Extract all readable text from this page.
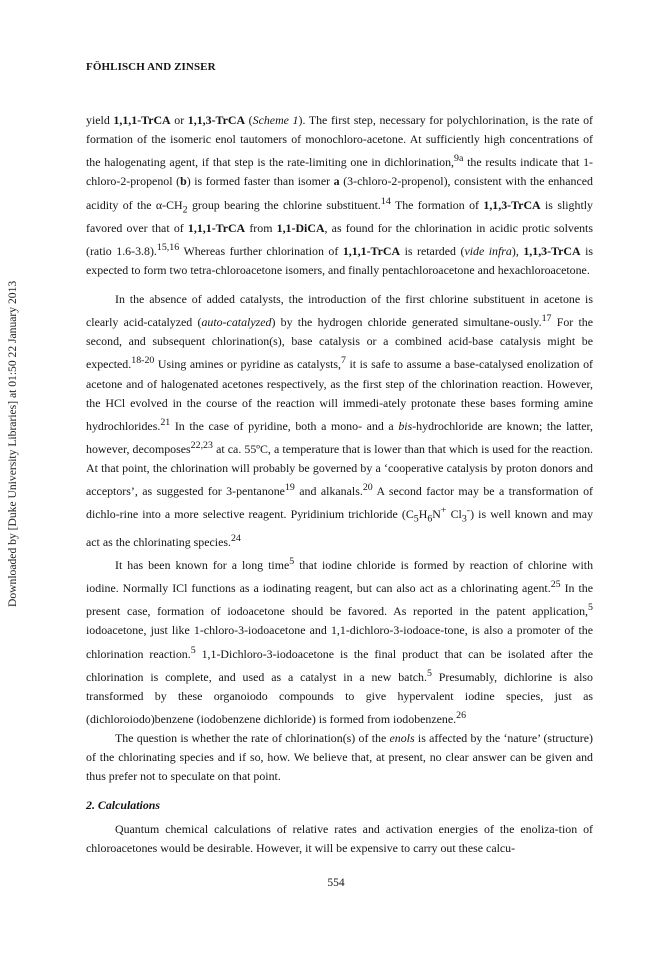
FÖHLISCH AND ZINSER
Downloaded by [Duke University Libraries] at 01:50 22 January 2013

yield 1,1,1-TrCA or 1,1,3-TrCA (Scheme 1). The first step, necessary for polychlorination, is the rate of formation of the isomeric enol tautomers of monochloro-acetone. At sufficiently high concentrations of the halogenating agent, if that step is the rate-limiting one in dichlorination,$^{9a}$ the results indicate that 1-chloro-2-propenol (b) is formed faster than isomer a (3-chloro-2-propenol), consistent with the enhanced acidity of the $\alpha-CH_2$ group bearing the chlorine substituent.$^{14}$ The formation of 1,1,3-TrCA is slightly favored over that of 1,1,1-TrCA from 1,1-DiCA, as found for the chlorination in acidic protic solvents (ratio 1.6-3.8).$^{15,16}$ Whereas further chlorination of 1,1,1-TrCA is retarded (vide infra), 1,1,3-TrCA is expected to form two tetra-chloroacetone isomers, and finally pentachloroacetone and hexachloroacetone.

In the absence of added catalysts, the introduction of the first chlorine substituent in acetone is clearly acid-catalyzed (auto-catalyzed) by the hydrogen chloride generated simultane-ously.$^{17}$ For the second, and subsequent chlorination(s), base catalysis or a combined acid-base catalysis might be expected.$^{18-20}$ Using amines or pyridine as catalysts,$^7$ it is safe to assume a base-catalysed enolization of acetone and of halogenated acetones respectively, as the first step of the chlorination reaction. However, the HCl evolved in the course of the reaction will immedi-ately protonate these bases forming amine hydrochlorides.$^{21}$ In the case of pyridine, both a mono- and a bis-hydrochloride are known; the latter, however, decomposes$^{22,23}$ at ca. 55ºC, a temperature that is lower than that which is used for the reaction. At that point, the chlorination will probably be governed by a ‘cooperative catalysis by proton donors and acceptors’, as suggested for 3-pentanone$^{19}$ and alkanals.$^{20}$ A second factor may be a transformation of dichlo-rine into a more selective reagent. Pyridinium trichloride ($C_5H_6N^+$ $Cl_3^-$) is well known and may act as the chlorinating species.$^{24}$

It has been known for a long time$^5$ that iodine chloride is formed by reaction of chlorine with iodine. Normally ICl functions as a iodinating reagent, but can also act as a chlorinating agent.$^{25}$ In the present case, formation of iodoacetone should be favored. As reported in the patent application,$^5$ iodoacetone, just like 1-chloro-3-iodoacetone and 1,1-dichloro-3-iodoace-tone, is also a promoter of the chlorination reaction.$^5$ 1,1-Dichloro-3-iodoacetone is the final product that can be isolated after the chlorination is complete, and used as a catalyst in a new batch.$^5$ Presumably, dichlorine is also transformed by these organoiodo compounds to give hypervalent iodine species, just as (dichloroiodo)benzene (iodobenzene dichloride) is formed from iodobenzene.$^{26}$

The question is whether the rate of chlorination(s) of the enols is affected by the ‘nature’ (structure) of the chlorinating species and if so, how. We believe that, at present, no clear answer can be given and thus prefer not to speculate on that point.

2. Calculations

Quantum chemical calculations of relative rates and activation energies of the enoliza-tion of chloroacetones would be desirable. However, it will be expensive to carry out these calcu-

554
